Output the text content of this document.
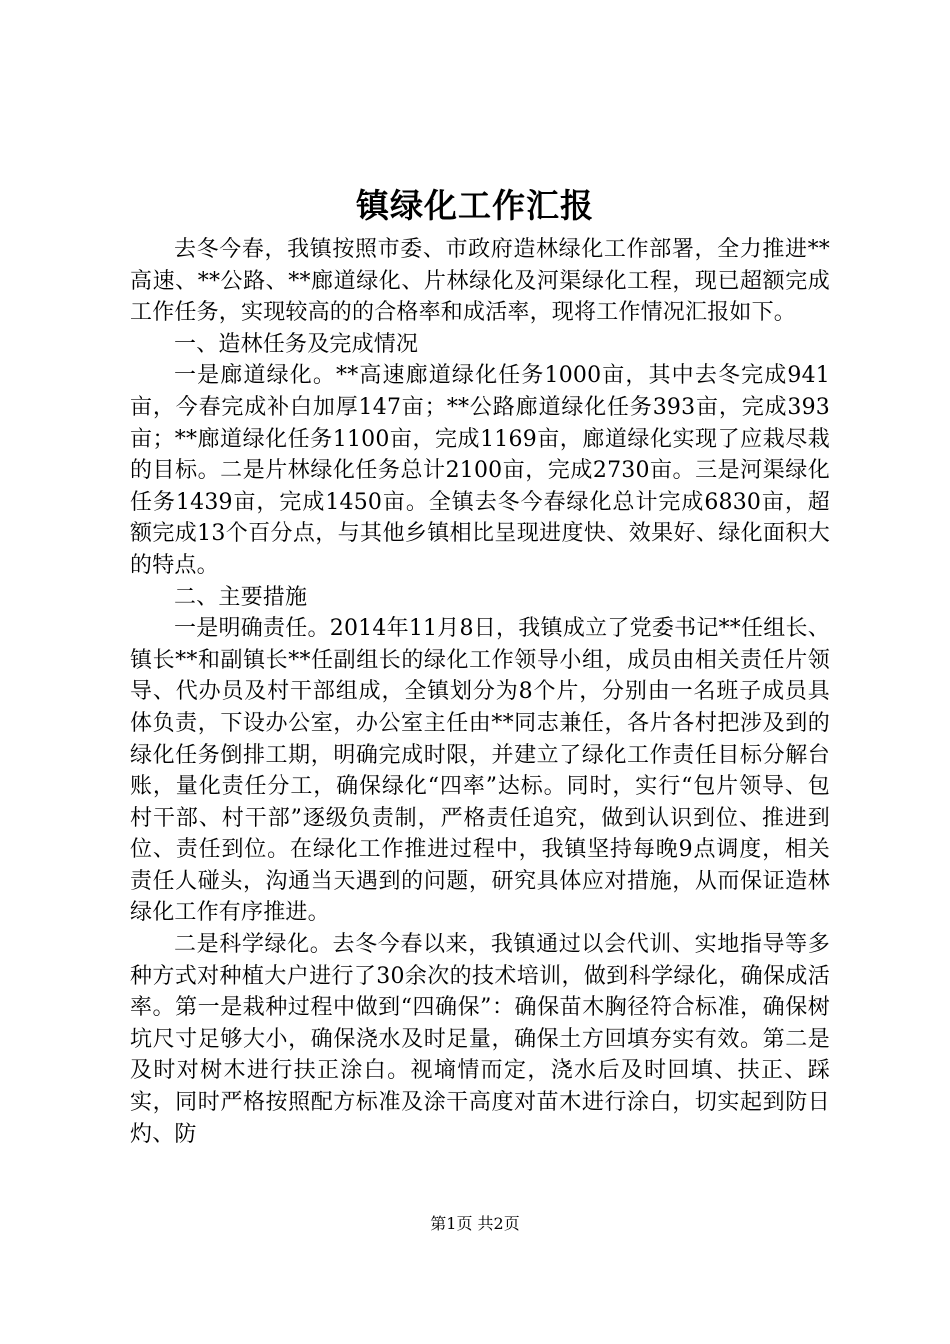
镇绿化工作汇报

去冬今春，我镇按照市委、市政府造林绿化工作部署，全力推进**高速、**公路、**廊道绿化、片林绿化及河渠绿化工程，现已超额完成工作任务，实现较高的的合格率和成活率，现将工作情况汇报如下。

一、造林任务及完成情况

一是廊道绿化。**高速廊道绿化任务1000亩，其中去冬完成941亩，今春完成补白加厚147亩；**公路廊道绿化任务393亩，完成393亩；**廊道绿化任务1100亩，完成1169亩，廊道绿化实现了应栽尽栽的目标。二是片林绿化任务总计2100亩，完成2730亩。三是河渠绿化任务1439亩，完成1450亩。全镇去冬今春绿化总计完成6830亩，超额完成13个百分点，与其他乡镇相比呈现进度快、效果好、绿化面积大的特点。

二、主要措施

一是明确责任。2014年11月8日，我镇成立了党委书记**任组长、镇长**和副镇长**任副组长的绿化工作领导小组，成员由相关责任片领导、代办员及村干部组成，全镇划分为8个片，分别由一名班子成员具体负责，下设办公室，办公室主任由**同志兼任，各片各村把涉及到的绿化任务倒排工期，明确完成时限，并建立了绿化工作责任目标分解台账，量化责任分工，确保绿化“四率”达标。同时，实行“包片领导、包村干部、村干部”逐级负责制，严格责任追究，做到认识到位、推进到位、责任到位。在绿化工作推进过程中，我镇坚持每晚9点调度，相关责任人碰头，沟通当天遇到的问题，研究具体应对措施，从而保证造林绿化工作有序推进。

二是科学绿化。去冬今春以来，我镇通过以会代训、实地指导等多种方式对种植大户进行了30余次的技术培训，做到科学绿化，确保成活率。第一是栽种过程中做到“四确保”：确保苗木胸径符合标准，确保树坑尺寸足够大小，确保浇水及时足量，确保土方回填夯实有效。第二是及时对树木进行扶正涂白。视墒情而定，浇水后及时回填、扶正、踩实，同时严格按照配方标准及涂干高度对苗木进行涂白，切实起到防日灼、防

第1页 共2页
